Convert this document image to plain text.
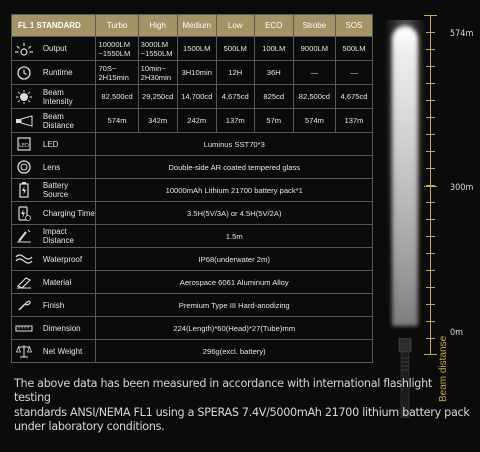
FL 1 STANDARD		Turbo	High	Medium	Low	ECO	Strobe	SOS

	Output	10000LM ~1550LM	3000LM ~1550LM	1500LM	500LM	100LM	9000LM	500LM

	Runtime	70S~ 2H15min	10min~ 2H30min	3H10min	12H	36H	—	—

	Beam Intensity	82,500cd	29,250cd	14,700cd	4,675cd	825cd	82,500cd	4,675cd

	Beam Distance	574m	342m	242m	137m	57m	574m	137m

LED	LED	Luminus SST70*3						

	Lens	Double-side AR coated tempered glass						

	Battery Source	10000mAh Lithium 21700 battery pack*1						

	Charging Time	3.5H(5V/3A) or 4.5H(5V/2A)						

	Impact Distance	1.5m						

	Waterproof	IP68(underwater 2m)						

	Material	Aerospace 6061 Aluminum Alloy						

	Finish	Premium Type III Hard-anodizing						

	Dimension	224(Length)*60(Head)*27(Tube)mm						

	Net Weight	296g(excl. battery)						
574m
300m
0m
Beam distanse

The above data has been measured in accordance with international flashlight testing

standards ANSI/NEMA FL1 using a SPERAS 7.4V/5000mAh 21700 lithium battery pack

under laboratory conditions.
